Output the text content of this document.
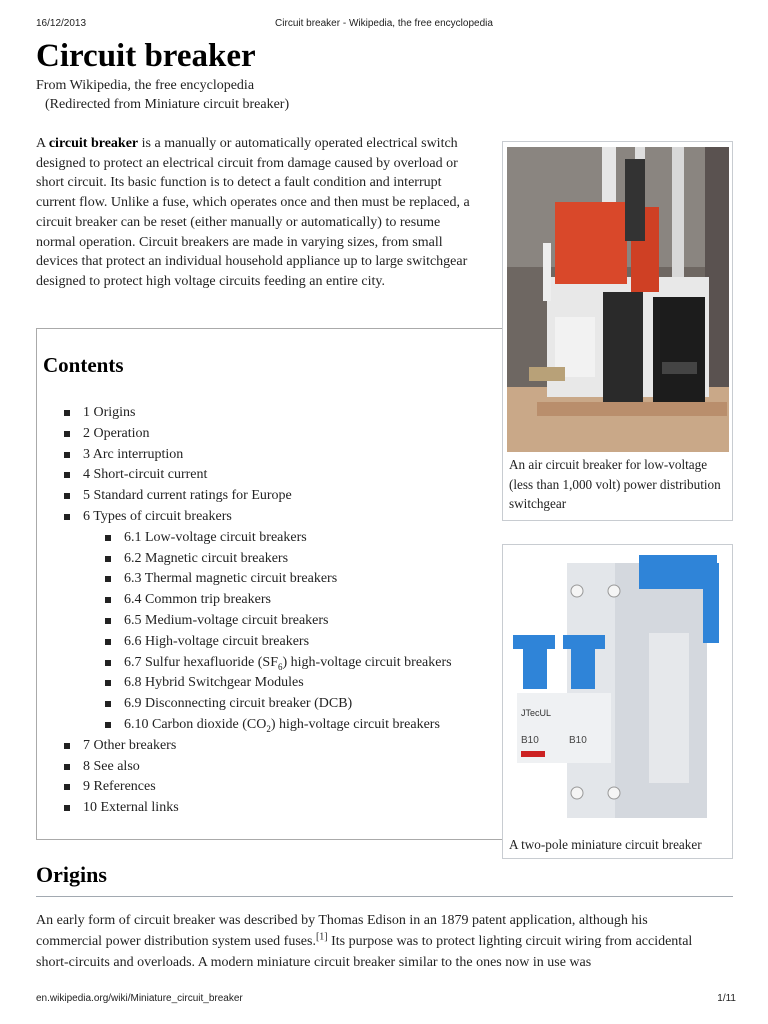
16/12/2013	Circuit breaker - Wikipedia, the free encyclopedia
Circuit breaker
From Wikipedia, the free encyclopedia
(Redirected from Miniature circuit breaker)

A circuit breaker is a manually or automatically operated electrical switch designed to protect an electrical circuit from damage caused by overload or short circuit. Its basic function is to detect a fault condition and interrupt current flow. Unlike a fuse, which operates once and then must be replaced, a circuit breaker can be reset (either manually or automatically) to resume normal operation. Circuit breakers are made in varying sizes, from small devices that protect an individual household appliance up to large switchgear designed to protect high voltage circuits feeding an entire city.

Contents
1 Origins
2 Operation
3 Arc interruption
4 Short-circuit current
5 Standard current ratings for Europe
6 Types of circuit breakers
6.1 Low-voltage circuit breakers
6.2 Magnetic circuit breakers
6.3 Thermal magnetic circuit breakers
6.4 Common trip breakers
6.5 Medium-voltage circuit breakers
6.6 High-voltage circuit breakers
6.7 Sulfur hexafluoride $(SF_6)$ high-voltage circuit breakers
6.8 Hybrid Switchgear Modules
6.9 Disconnecting circuit breaker (DCB)
6.10 Carbon dioxide $(CO_2)$ high-voltage circuit breakers
7 Other breakers
8 See also
9 References
10 External links
An air circuit breaker for low-voltage (less than 1,000 volt) power distribution switchgear
JTecUL
B10	B10
A two-pole miniature circuit breaker
Origins

An early form of circuit breaker was described by Thomas Edison in an 1879 patent application, although his commercial power distribution system used fuses.[1] Its purpose was to protect lighting circuit wiring from accidental short-circuits and overloads. A modern miniature circuit breaker similar to the ones now in use was

en.wikipedia.org/wiki/Miniature_circuit_breaker	1/11
